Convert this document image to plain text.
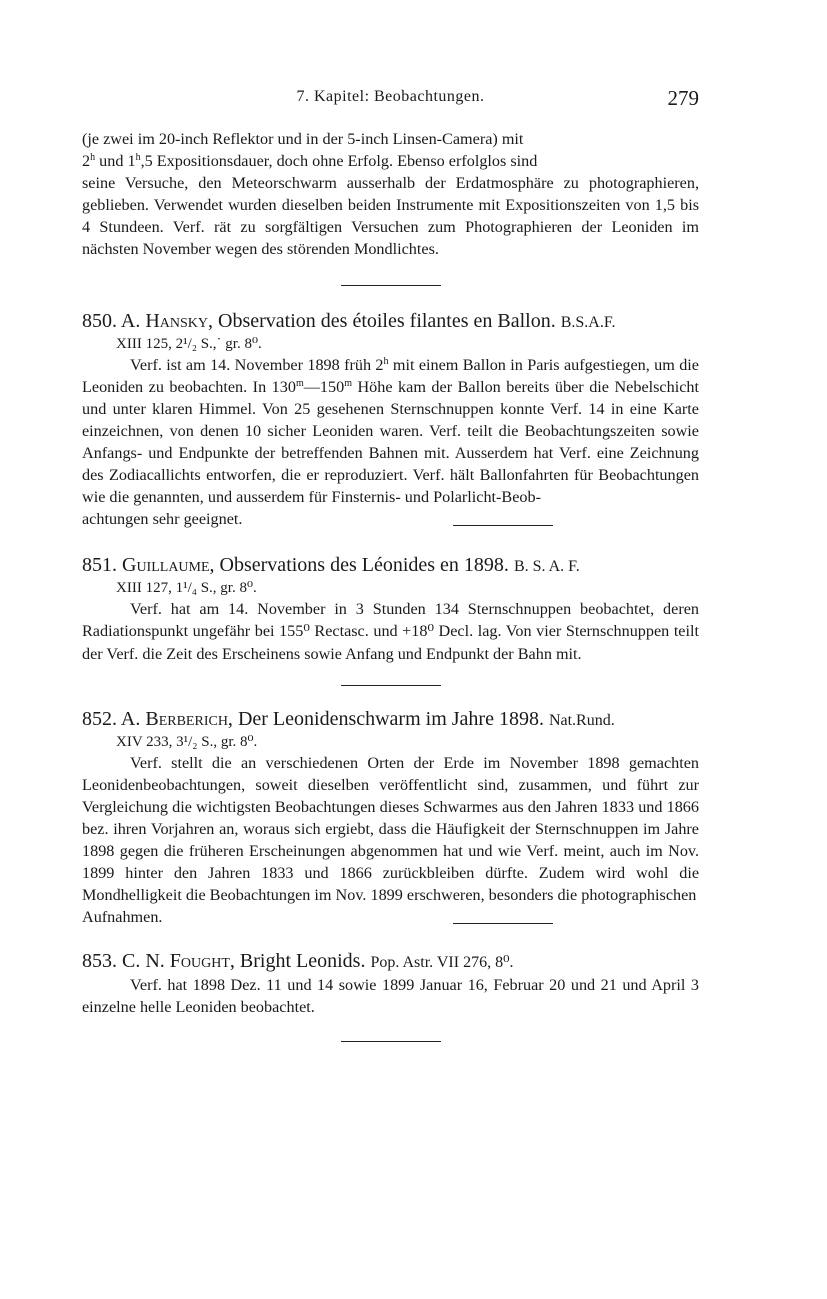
7. Kapitel: Beobachtungen.	279

(je zwei im 20-inch Reflektor und in der 5-inch Linsen-Camera) mit

2$^h$ und 1$^h$,5 Expositionsdauer, doch ohne Erfolg. Ebenso erfolglos sind

seine Versuche, den Meteorschwarm ausserhalb der Erdatmosphäre zu photographieren, geblieben. Verwendet wurden dieselben beiden Instrumente mit Expositionszeiten von 1,5 bis 4 Stundeen. Verf. rät zu sorgfältigen Versuchen zum Photographieren der Leoniden im nächsten November wegen des störenden Mondlichtes.

850. A. Hansky, Observation des étoiles filantes en Ballon. B.S.A.F.

XIII 125, 2¹/₂ S.,˙ gr. 8⁰.

Verf. ist am 14. November 1898 früh 2$^h$ mit einem Ballon in Paris aufgestiegen, um die Leoniden zu beobachten. In 130$^m$—150$^m$ Höhe kam der Ballon bereits über die Nebelschicht und unter klaren Himmel. Von 25 gesehenen Sternschnuppen konnte Verf. 14 in eine Karte einzeichnen, von denen 10 sicher Leoniden waren. Verf. teilt die Beobachtungszeiten sowie Anfangs- und Endpunkte der betreffenden Bahnen mit. Ausserdem hat Verf. eine Zeichnung des Zodiacallichts entworfen, die er reproduziert. Verf. hält Ballonfahrten für Beobachtungen wie die genannten, und ausserdem für Finsternis- und Polarlicht-Beob-

achtungen sehr geeignet.

851. Guillaume, Observations des Léonides en 1898. B. S. A. F.

XIII 127, 1¹/₄ S., gr. 8⁰.

Verf. hat am 14. November in 3 Stunden 134 Sternschnuppen beobachtet, deren Radiationspunkt ungefähr bei 155⁰ Rectasc. und +18⁰ Decl. lag. Von vier Sternschnuppen teilt der Verf. die Zeit des Erscheinens sowie Anfang und Endpunkt der Bahn mit.

852. A. Berberich, Der Leonidenschwarm im Jahre 1898. Nat.Rund.

XIV 233, 3¹/₂ S., gr. 8⁰.

Verf. stellt die an verschiedenen Orten der Erde im November 1898 gemachten Leonidenbeobachtungen, soweit dieselben veröffentlicht sind, zusammen, und führt zur Vergleichung die wichtigsten Beobachtungen dieses Schwarmes aus den Jahren 1833 und 1866 bez. ihren Vorjahren an, woraus sich ergiebt, dass die Häufigkeit der Sternschnuppen im Jahre 1898 gegen die früheren Erscheinungen abgenommen hat und wie Verf. meint, auch im Nov. 1899 hinter den Jahren 1833 und 1866 zurückbleiben dürfte. Zudem wird wohl die Mondhelligkeit die Beobachtungen im Nov. 1899 erschweren, besonders die photographischen

Aufnahmen.

853. C. N. Fought, Bright Leonids. Pop. Astr. VII 276, 8⁰.

Verf. hat 1898 Dez. 11 und 14 sowie 1899 Januar 16, Februar 20 und 21 und April 3 einzelne helle Leoniden beobachtet.
